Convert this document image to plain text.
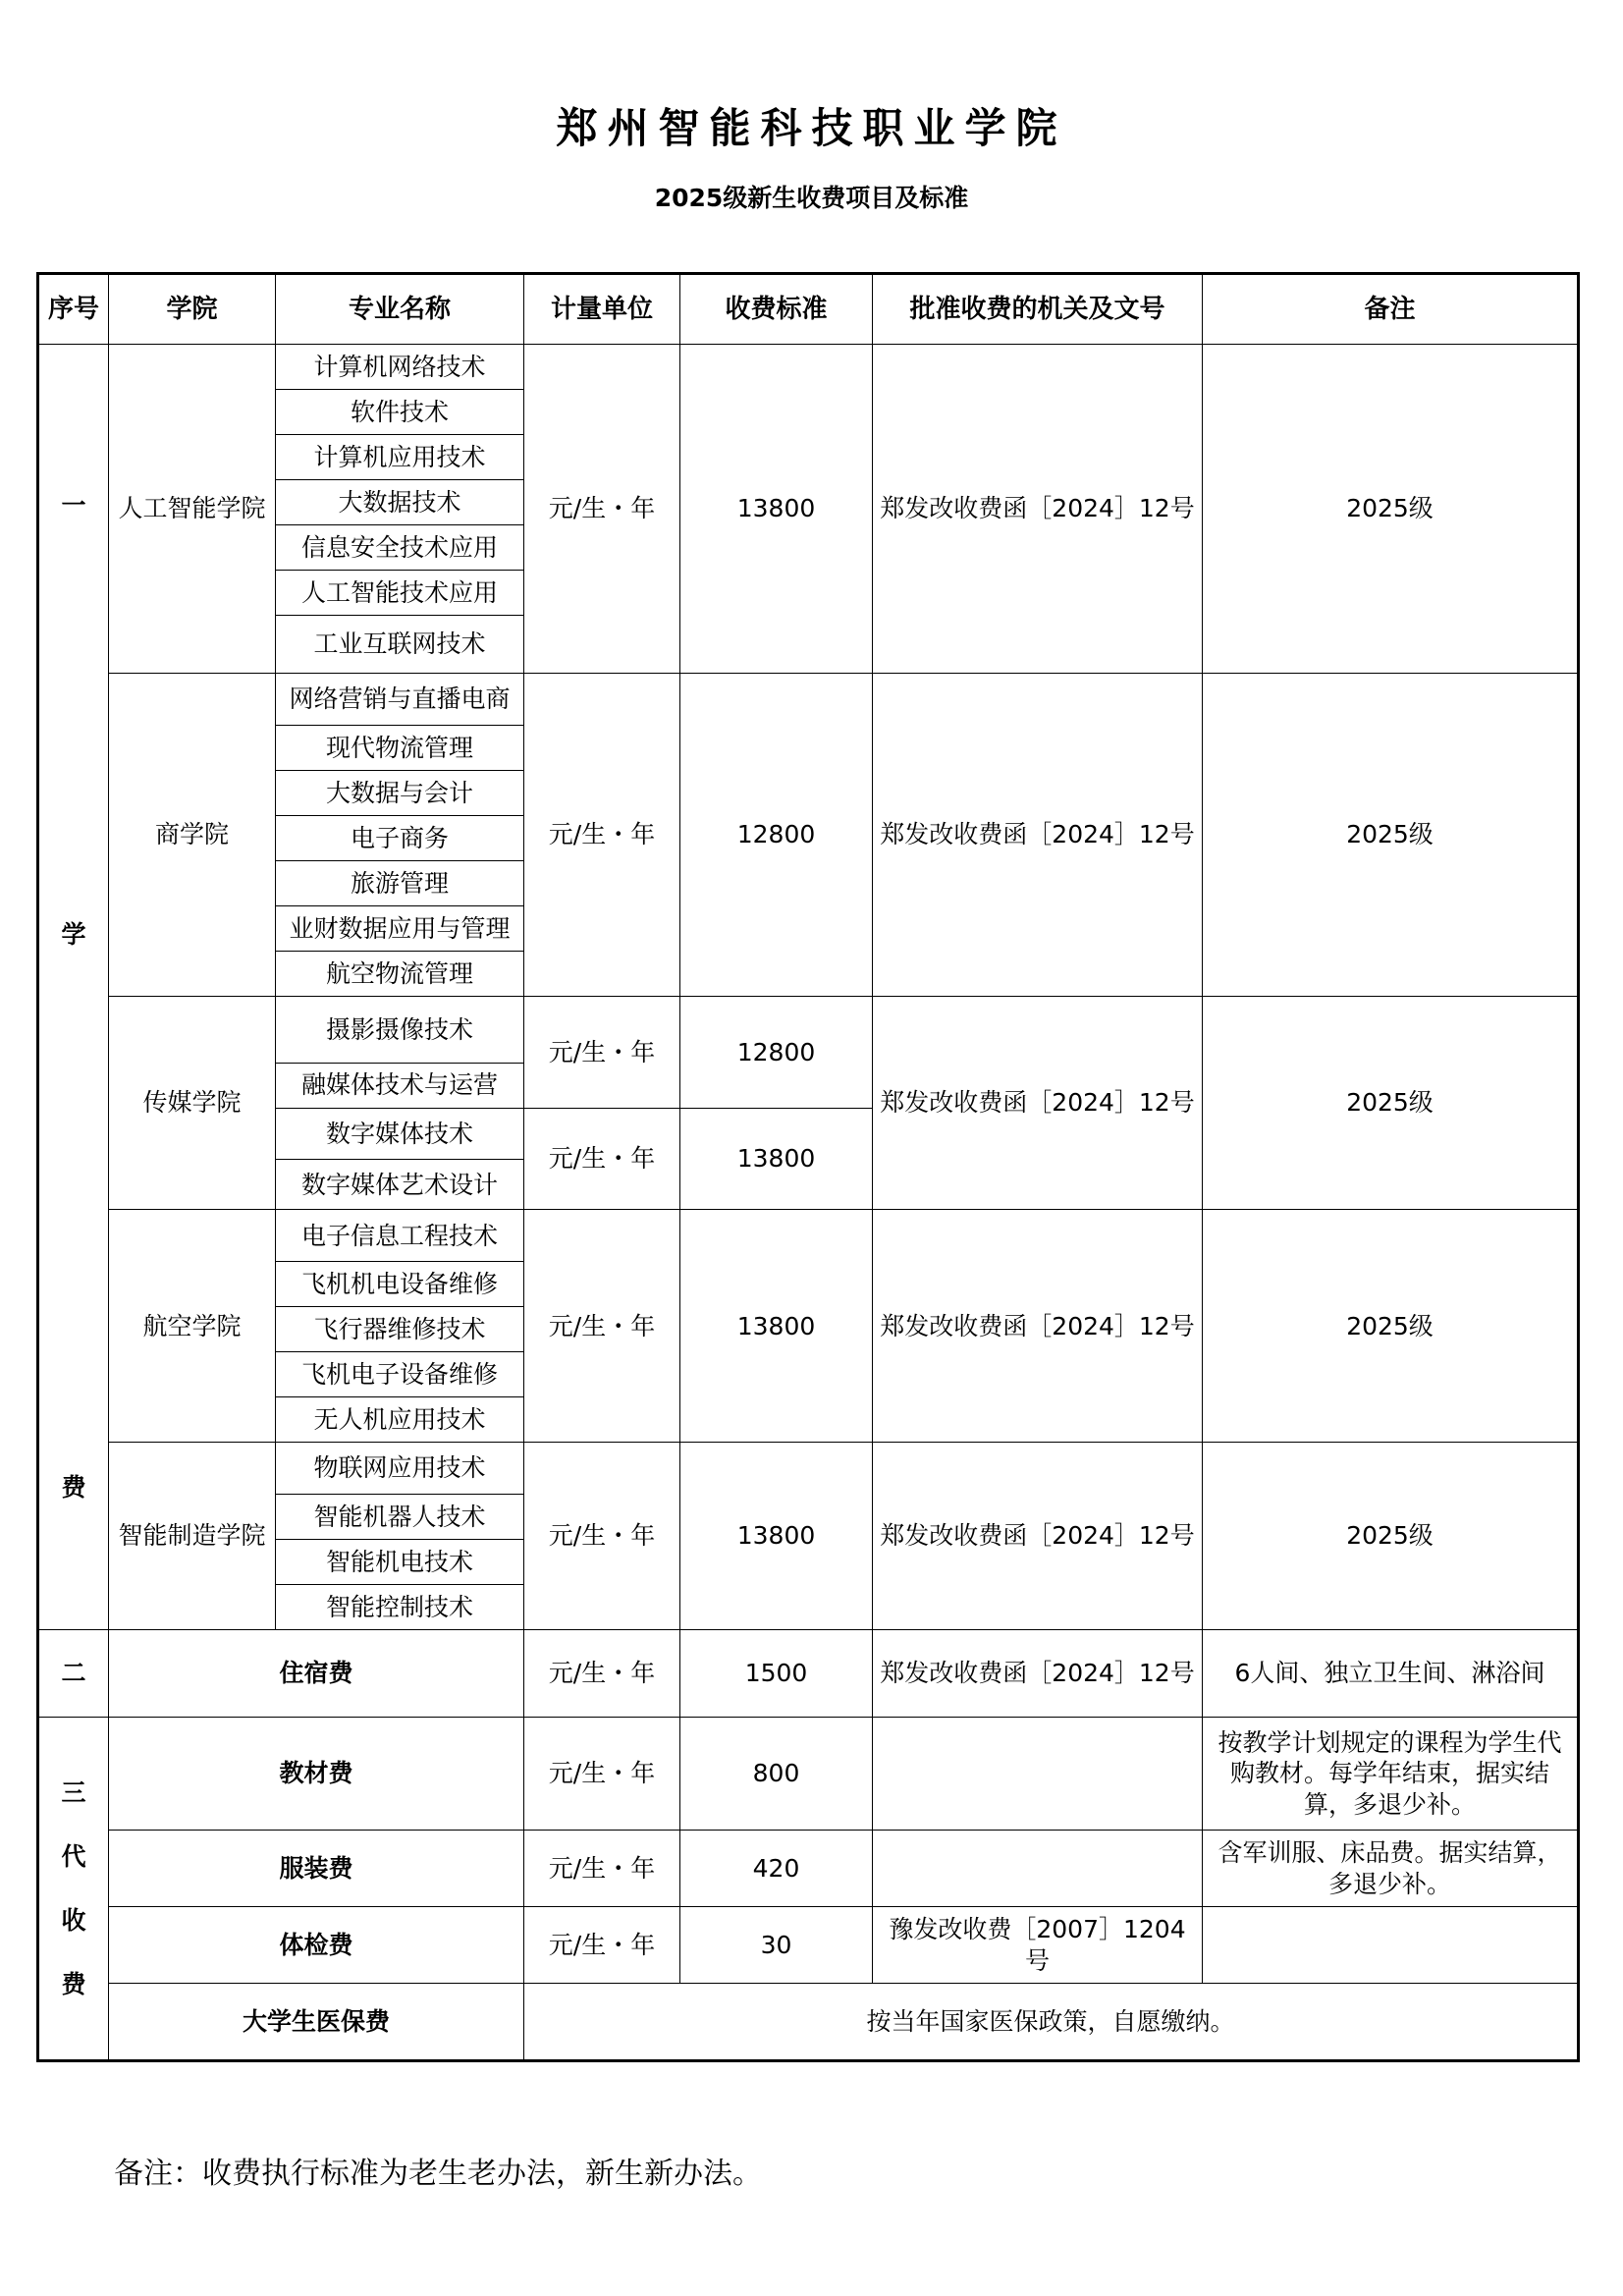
郑州智能科技职业学院
2025级新生收费项目及标准
序号	学院	专业名称	计量单位	收费标准	批准收费的机关及文号	备注

一
学
费	人工智能学院	计算机网络技术	元/生・年	13800	郑发改收费函［2024］12号	2025级
		软件技术				
		计算机应用技术				
		大数据技术				
		信息安全技术应用				
		人工智能技术应用				
		工业互联网技术				
	商学院	网络营销与直播电商	元/生・年	12800	郑发改收费函［2024］12号	2025级
		现代物流管理				
		大数据与会计				
		电子商务				
		旅游管理				
		业财数据应用与管理				
		航空物流管理				
	传媒学院	摄影摄像技术	元/生・年	12800	郑发改收费函［2024］12号	2025级
		融媒体技术与运营				
		数字媒体技术	元/生・年	13800		
		数字媒体艺术设计				
	航空学院	电子信息工程技术	元/生・年	13800	郑发改收费函［2024］12号	2025级
		飞机机电设备维修				
		飞行器维修技术				
		飞机电子设备维修				
		无人机应用技术				
	智能制造学院	物联网应用技术	元/生・年	13800	郑发改收费函［2024］12号	2025级
		智能机器人技术				
		智能机电技术				
		智能控制技术				
二	住宿费		元/生・年	1500	郑发改收费函［2024］12号	6人间、独立卫生间、淋浴间

三
代
收
费	教材费		元/生・年	800		按教学计划规定的课程为学生代购教材。每学年结束，据实结算，多退少补。
	服装费		元/生・年	420		含军训服、床品费。据实结算，多退少补。
	体检费		元/生・年	30	豫发改收费［2007］1204号	
	大学生医保费		按当年国家医保政策，自愿缴纳。			
备注：收费执行标准为老生老办法，新生新办法。
